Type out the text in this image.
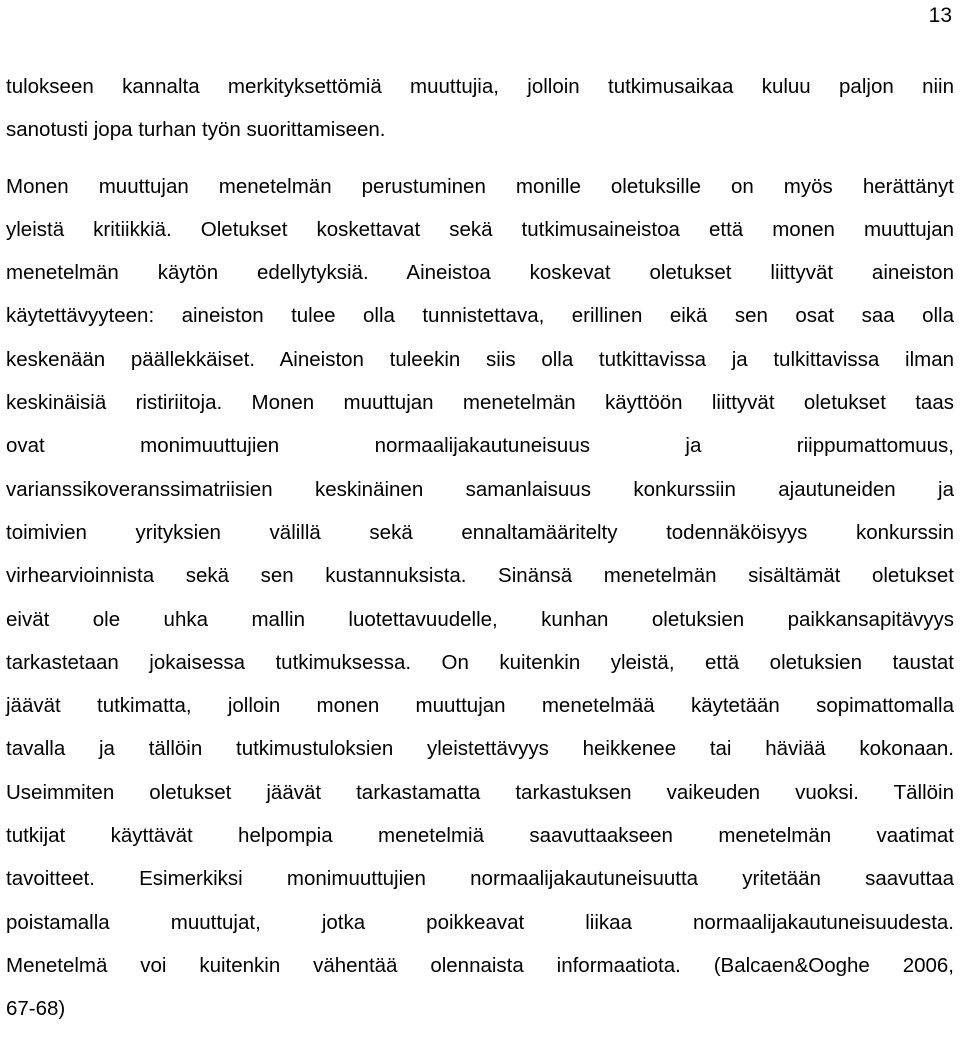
13
tulokseen kannalta merkityksettömiä muuttujia, jolloin tutkimusaikaa kuluu paljon niin
sanotusti jopa turhan työn suorittamiseen.
Monen muuttujan menetelmän perustuminen monille oletuksille on myös herättänyt
yleistä kritiikkiä. Oletukset koskettavat sekä tutkimusaineistoa että monen muuttujan
menetelmän käytön edellytyksiä. Aineistoa koskevat oletukset liittyvät aineiston
käytettävyyteen: aineiston tulee olla tunnistettava, erillinen eikä sen osat saa olla
keskenään päällekkäiset. Aineiston tuleekin siis olla tutkittavissa ja tulkittavissa ilman
keskinäisiä ristiriitoja. Monen muuttujan menetelmän käyttöön liittyvät oletukset taas
ovat monimuuttujien normaalijakautuneisuus ja riippumattomuus,
varianssikoveranssimatriisien keskinäinen samanlaisuus konkurssiin ajautuneiden ja
toimivien yrityksien välillä sekä ennaltamääritelty todennäköisyys konkurssin
virhearvioinnista sekä sen kustannuksista. Sinänsä menetelmän sisältämät oletukset
eivät ole uhka mallin luotettavuudelle, kunhan oletuksien paikkansapitävyys
tarkastetaan jokaisessa tutkimuksessa. On kuitenkin yleistä, että oletuksien taustat
jäävät tutkimatta, jolloin monen muuttujan menetelmää käytetään sopimattomalla
tavalla ja tällöin tutkimustuloksien yleistettävyys heikkenee tai häviää kokonaan.
Useimmiten oletukset jäävät tarkastamatta tarkastuksen vaikeuden vuoksi. Tällöin
tutkijat käyttävät helpompia menetelmiä saavuttaakseen menetelmän vaatimat
tavoitteet. Esimerkiksi monimuuttujien normaalijakautuneisuutta yritetään saavuttaa
poistamalla muuttujat, jotka poikkeavat liikaa normaalijakautuneisuudesta.
Menetelmä voi kuitenkin vähentää olennaista informaatiota. (Balcaen&Ooghe 2006,
67-68)
